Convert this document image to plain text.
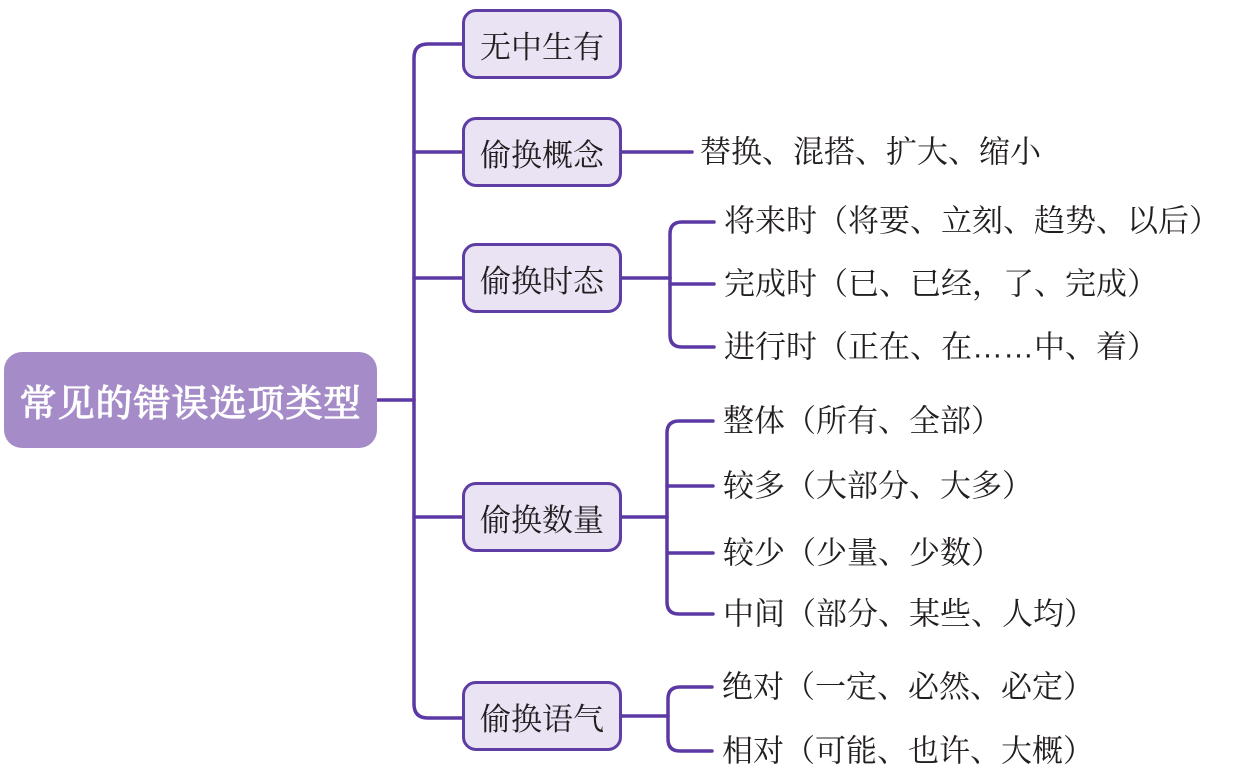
常见的错误选项类型
无中生有
偷换概念
偷换时态
偷换数量
偷换语气
替换、混搭、扩大、缩小
将来时（将要、立刻、趋势、以后）
完成时（已、已经，了、完成）
进行时（正在、在……中、着）
整体（所有、全部）
较多（大部分、大多）
较少（少量、少数）
中间（部分、某些、人均）
绝对（一定、必然、必定）
相对（可能、也许、大概）
